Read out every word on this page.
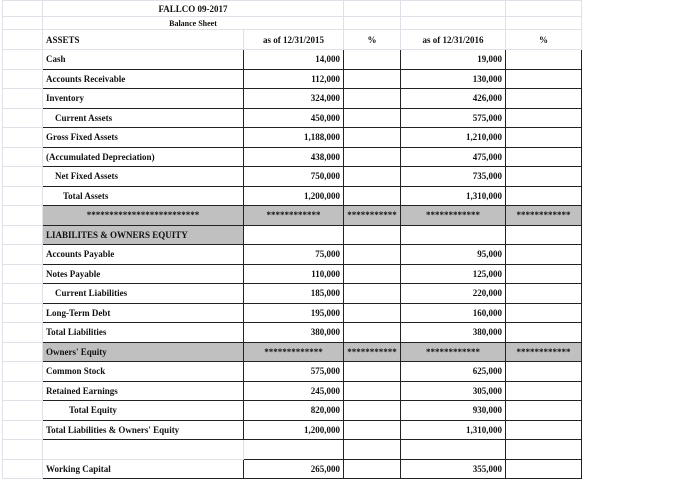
	FALLCO 09-2017				
	Balance Sheet				
	ASSETS	as of 12/31/2015	%	as of 12/31/2016	%
	Cash	14,000		19,000	
	Accounts Receivable	112,000		130,000	
	Inventory	324,000		426,000	
	Current Assets	450,000		575,000	
	Gross Fixed Assets	1,188,000		1,210,000	
	(Accumulated Depreciation)	438,000		475,000	
	Net Fixed Assets	750,000		735,000	
	Total Assets	1,200,000		1,310,000	
	*************************	************	***********	************	************
	LIABILITES & OWNERS EQUITY				
	Accounts Payable	75,000		95,000	
	Notes Payable	110,000		125,000	
	Current Liabilities	185,000		220,000	
	Long-Term Debt	195,000		160,000	
	Total Liabilities	380,000		380,000	
	Owners' Equity	*************	***********	************	************
	Common Stock	575,000		625,000	
	Retained Earnings	245,000		305,000	
	Total Equity	820,000		930,000	
	Total Liabilities & Owners' Equity	1,200,000		1,310,000	

	Working Capital	265,000		355,000	
